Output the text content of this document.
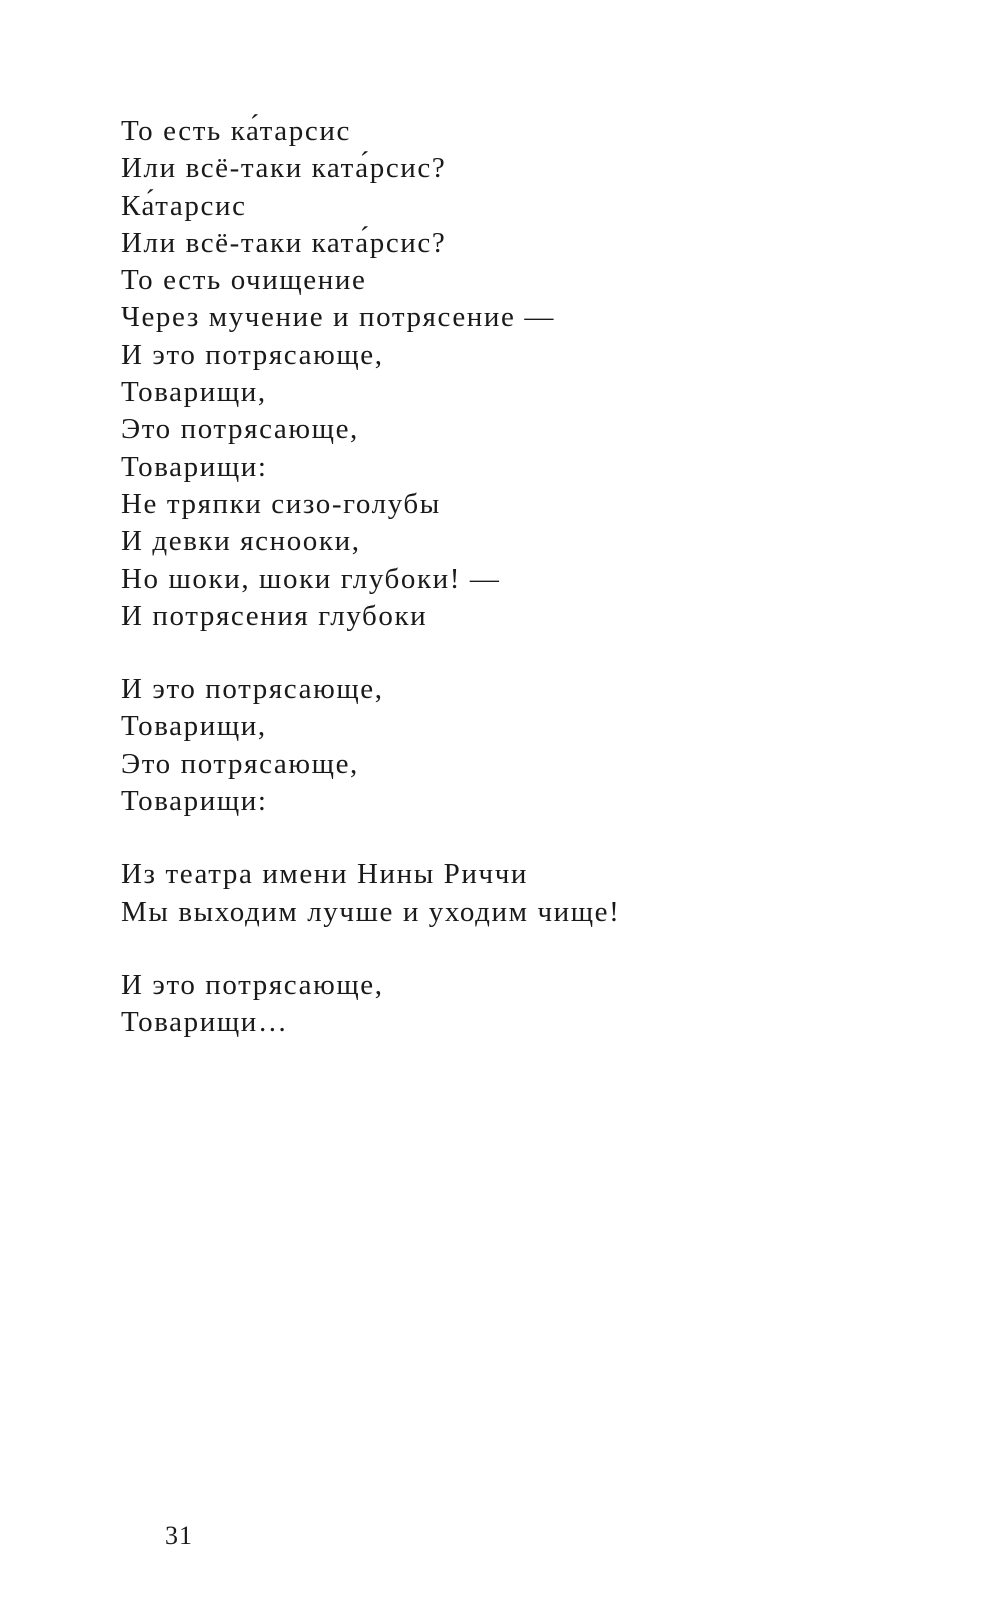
То есть ка́тарсис
Или всё-таки ката́рсис?
Ка́тарсис
Или всё-таки ката́рсис?
То есть очищение
Через мучение и потрясение —
И это потрясающе,
Товарищи,
Это потрясающе,
Товарищи:
Не тряпки сизо-голубы
И девки ясноoки,
Но шоки, шоки глубоки! —
И потрясения глубоки
И это потрясающе,
Товарищи,
Это потрясающе,
Товарищи:
Из театра имени Нины Риччи
Мы выходим лучше и уходим чище!
И это потрясающе,
Товарищи…
31
